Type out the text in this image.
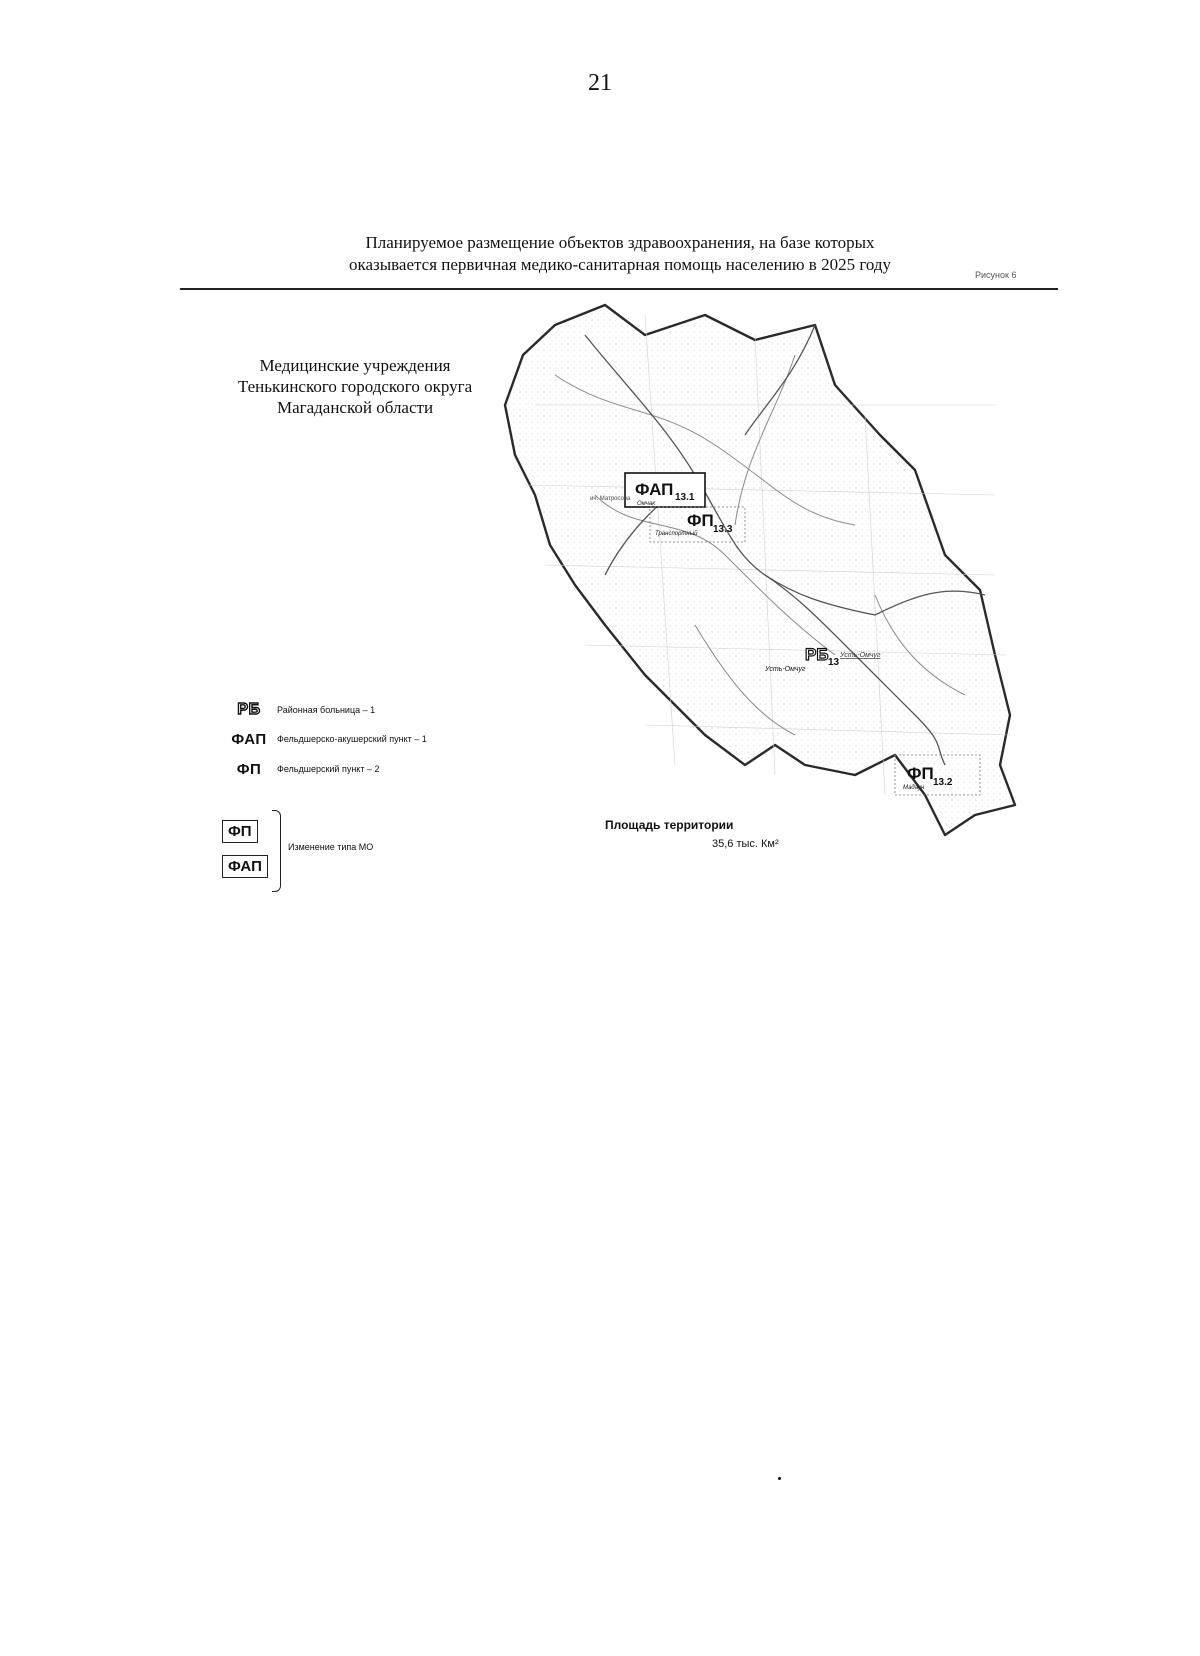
21
Планируемое размещение объектов здравоохранения, на базе которых
оказывается первичная медико-санитарная помощь населению в 2025 году
Рисунок 6
Медицинские учреждения
Тенькинского городского округа
Магаданской области
ФАП 13.1
Омчак
ич. Матросова
ФП 13.3
Транспортный
РБ 13
Усть-Омчуг
Усть-Омчуг
ФП 13.2
Мадаун
РБ	Районная больница – 1
ФАП	Фельдшерско-акушерский пункт – 1
ФП	Фельдшерский пункт – 2
ФП
ФАП
Изменение типа МО
Площадь территории
35,6 тыс. Км²
